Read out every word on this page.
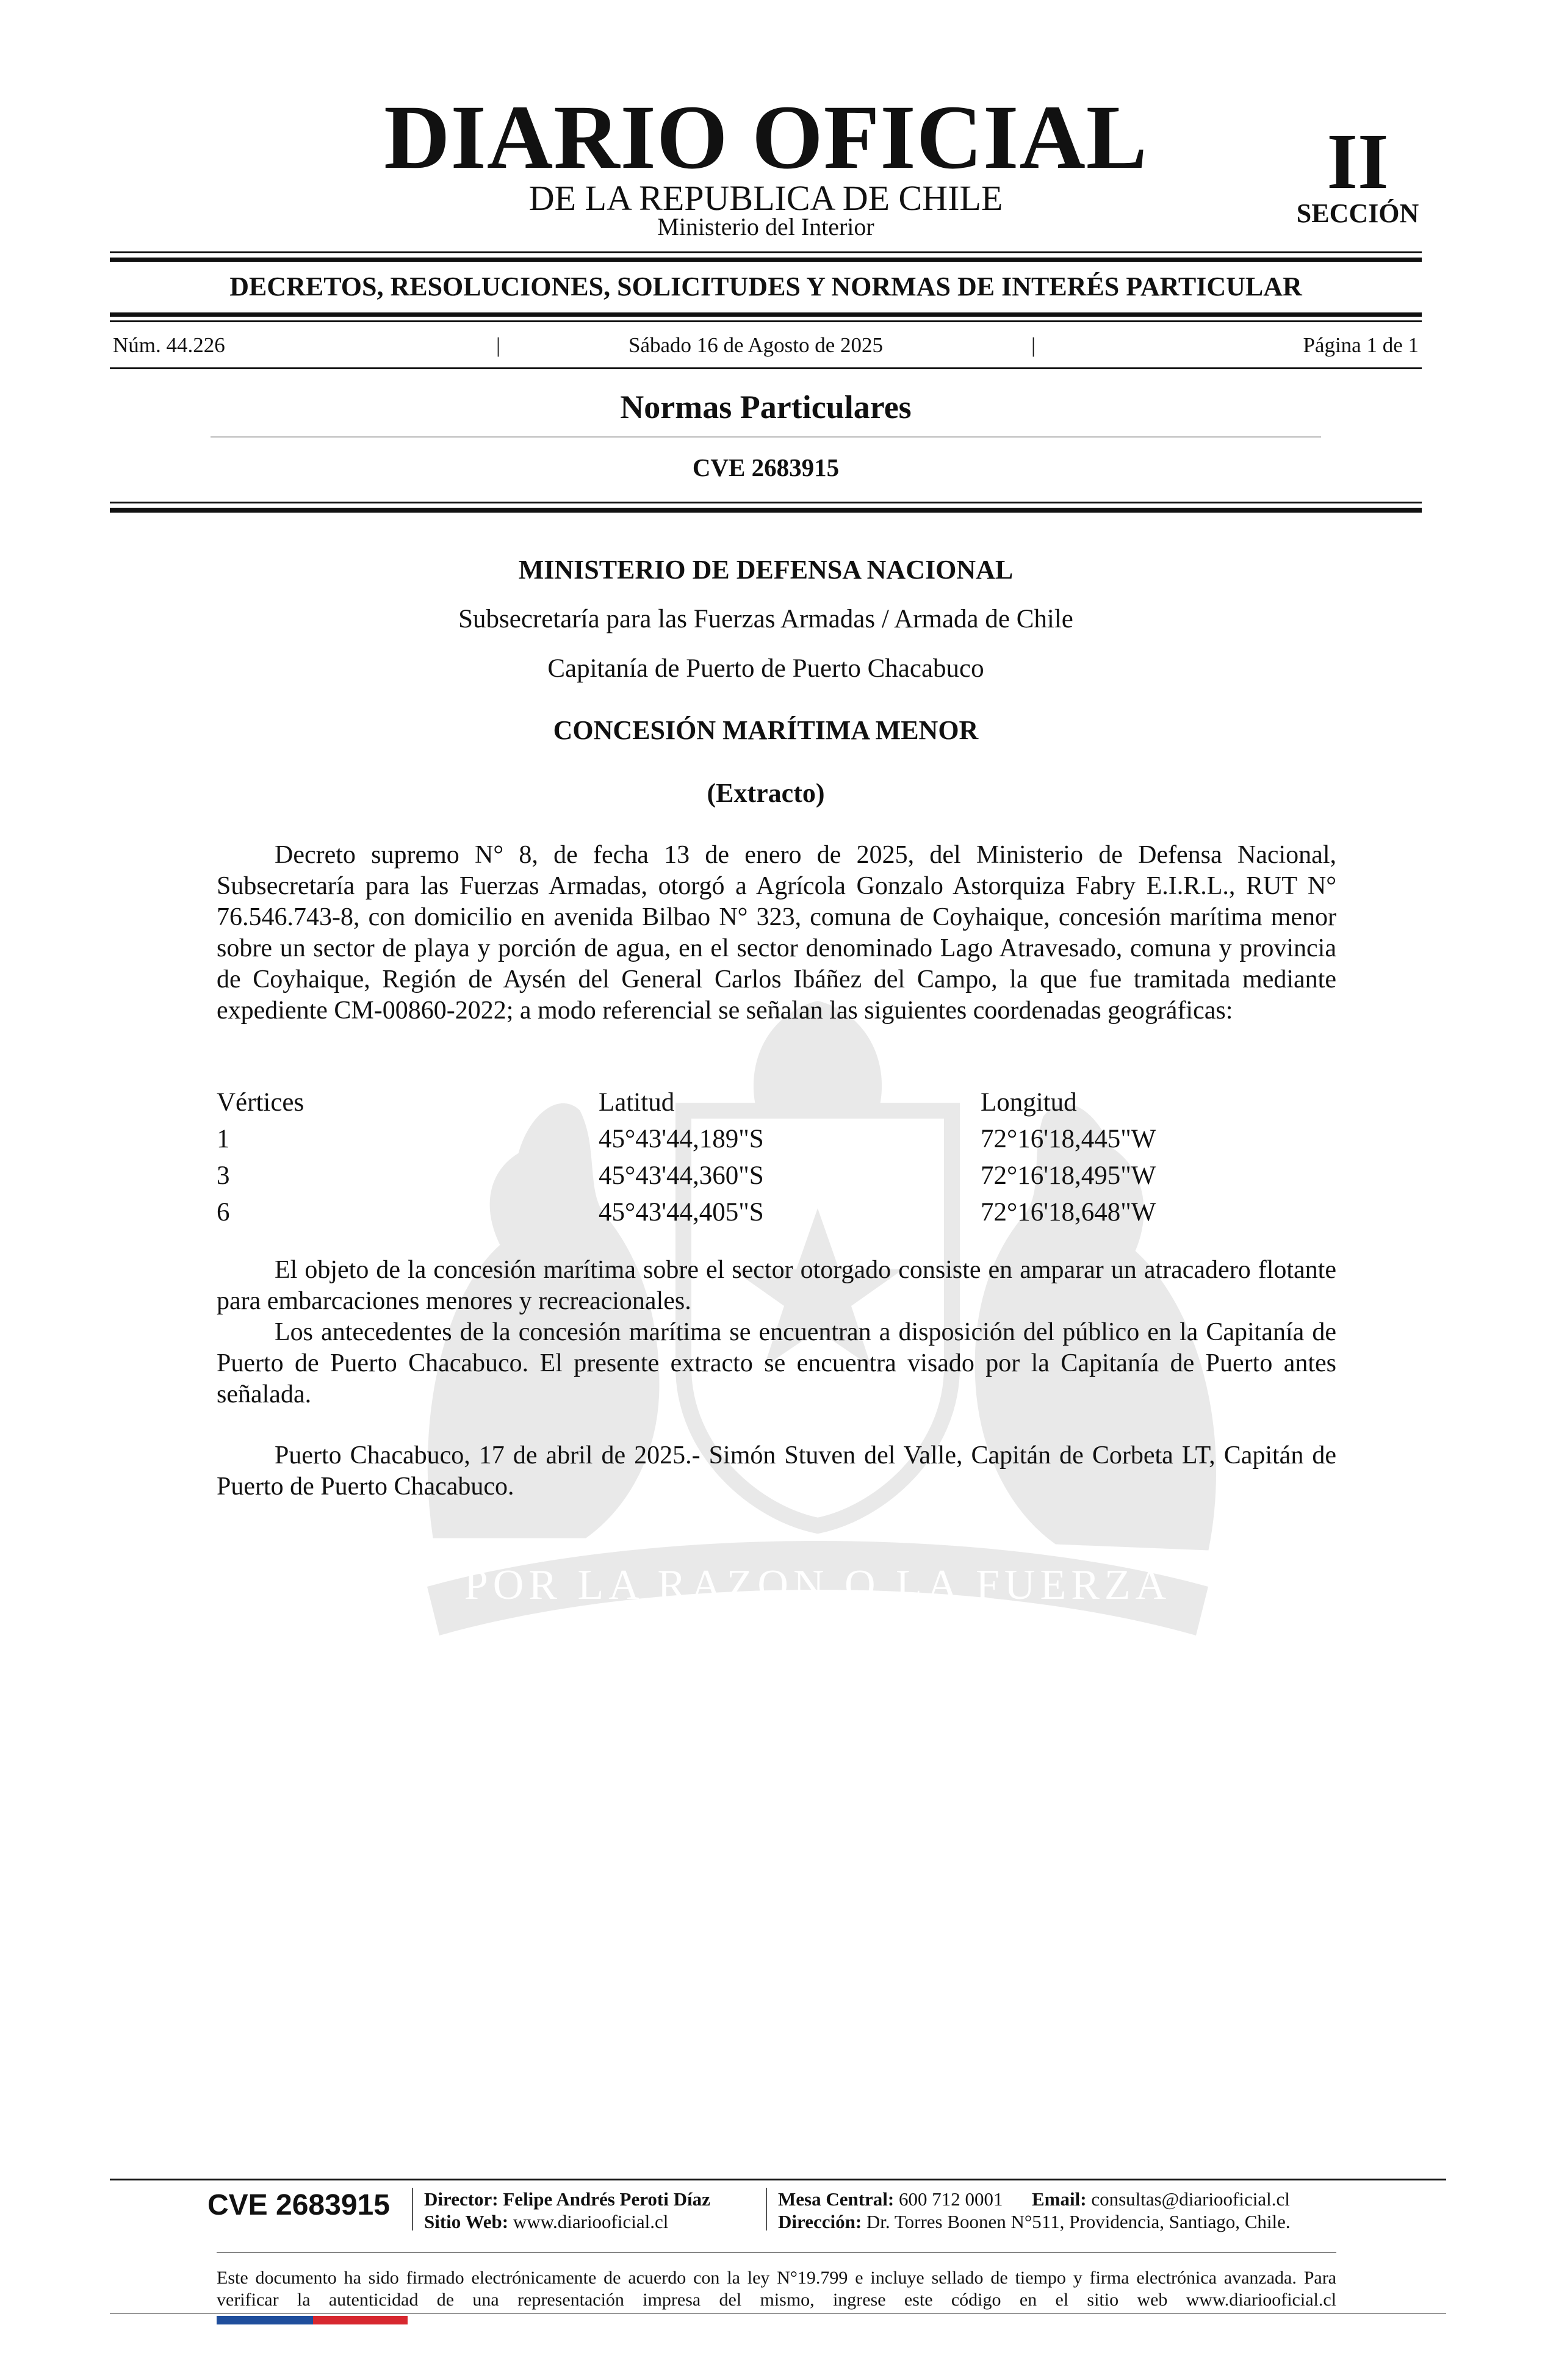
POR LA RAZON O LA FUERZA
DIARIO OFICIAL
DE LA REPUBLICA DE CHILE
Ministerio del Interior
II
SECCIÓN
DECRETOS, RESOLUCIONES, SOLICITUDES Y NORMAS DE INTERÉS PARTICULAR
Núm. 44.226	|	Sábado 16 de Agosto de 2025	|	Página 1 de 1
Normas Particulares
CVE 2683915
MINISTERIO DE DEFENSA NACIONAL
Subsecretaría para las Fuerzas Armadas / Armada de Chile
Capitanía de Puerto de Puerto Chacabuco
CONCESIÓN MARÍTIMA MENOR
(Extracto)

Decreto supremo N° 8, de fecha 13 de enero de 2025, del Ministerio de Defensa Nacional, Subsecretaría para las Fuerzas Armadas, otorgó a Agrícola Gonzalo Astorquiza Fabry E.I.R.L., RUT N° 76.546.743-8, con domicilio en avenida Bilbao N° 323, comuna de Coyhaique, concesión marítima menor sobre un sector de playa y porción de agua, en el sector denominado Lago Atravesado, comuna y provincia de Coyhaique, Región de Aysén del General Carlos Ibáñez del Campo, la que fue tramitada mediante expediente CM-00860-2022; a modo referencial se señalan las siguientes coordenadas geográficas:

Vértices	Latitud	Longitud
1	45°43'44,189"S	72°16'18,445"W
3	45°43'44,360"S	72°16'18,495"W
6	45°43'44,405"S	72°16'18,648"W

El objeto de la concesión marítima sobre el sector otorgado consiste en amparar un atracadero flotante para embarcaciones menores y recreacionales.

Los antecedentes de la concesión marítima se encuentran a disposición del público en la Capitanía de Puerto de Puerto Chacabuco. El presente extracto se encuentra visado por la Capitanía de Puerto antes señalada.

Puerto Chacabuco, 17 de abril de 2025.- Simón Stuven del Valle, Capitán de Corbeta LT, Capitán de Puerto de Puerto Chacabuco.

CVE 2683915 Director: Felipe Andrés Peroti Díaz
Sitio Web: www.diariooficial.cl
Mesa Central: 600 712 0001 Email: consultas@diariooficial.cl
Dirección: Dr. Torres Boonen N°511, Providencia, Santiago, Chile.
Este documento ha sido firmado electrónicamente de acuerdo con la ley N°19.799 e incluye sellado de tiempo y firma electrónica avanzada. Para verificar la autenticidad de una representación impresa del mismo, ingrese este código en el sitio web www.diariooficial.cl
